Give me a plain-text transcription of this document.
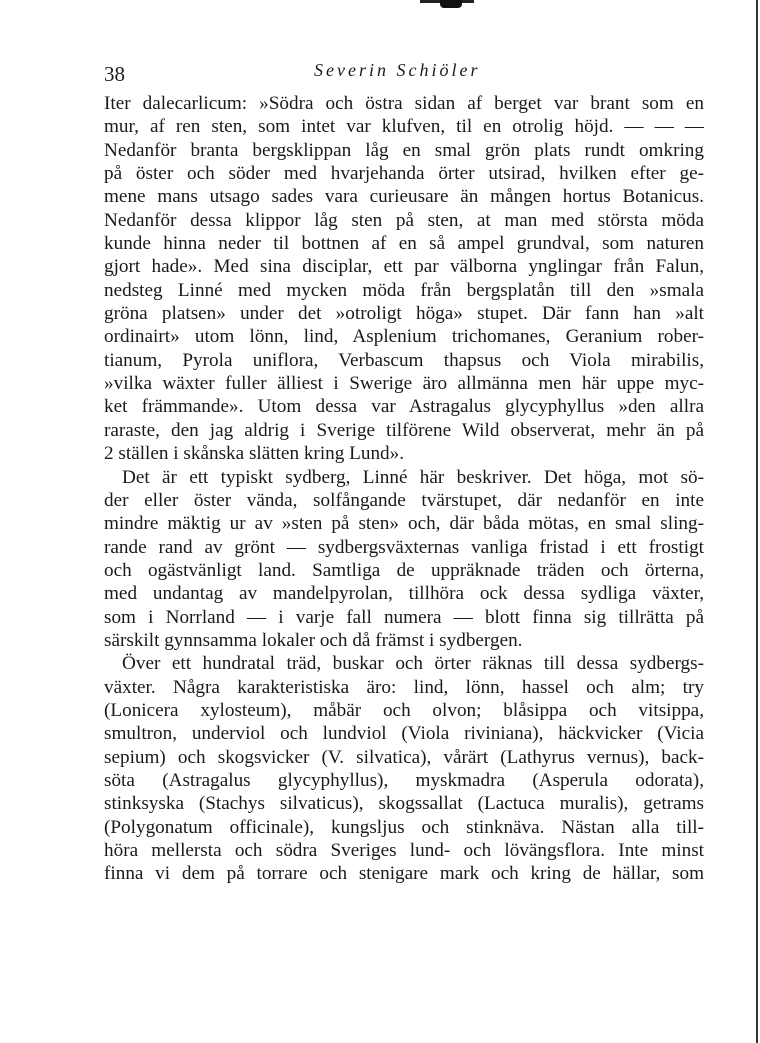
38	Severin Schiöler
Iter dalecarlicum: »Södra och östra sidan af berget var brant som en
mur, af ren sten, som intet var klufven, til en otrolig höjd. — — —
Nedanför branta bergsklippan låg en smal grön plats rundt omkring
på öster och söder med hvarjehanda örter utsirad, hvilken efter ge-
mene mans utsago sades vara curieusare än mången hortus Botanicus.
Nedanför dessa klippor låg sten på sten, at man med största möda
kunde hinna neder til bottnen af en så ampel grundval, som naturen
gjort hade». Med sina disciplar, ett par välborna ynglingar från Falun,
nedsteg Linné med mycken möda från bergsplatån till den »smala
gröna platsen» under det »otroligt höga» stupet. Där fann han »alt
ordinairt» utom lönn, lind, Asplenium trichomanes, Geranium rober-
tianum, Pyrola uniflora, Verbascum thapsus och Viola mirabilis,
»vilka wäxter fuller älliest i Swerige äro allmänna men här uppe myc-
ket främmande». Utom dessa var Astragalus glycyphyllus »den allra
raraste, den jag aldrig i Sverige tilförene Wild observerat, mehr än på
2 ställen i skånska slätten kring Lund».
Det är ett typiskt sydberg, Linné här beskriver. Det höga, mot sö-
der eller öster vända, solfångande tvärstupet, där nedanför en inte
mindre mäktig ur av »sten på sten» och, där båda mötas, en smal sling-
rande rand av grönt — sydbergsväxternas vanliga fristad i ett frostigt
och ogästvänligt land. Samtliga de uppräknade träden och örterna,
med undantag av mandelpyrolan, tillhöra ock dessa sydliga växter,
som i Norrland — i varje fall numera — blott finna sig tillrätta på
särskilt gynnsamma lokaler och då främst i sydbergen.
Över ett hundratal träd, buskar och örter räknas till dessa sydbergs-
växter. Några karakteristiska äro: lind, lönn, hassel och alm; try
(Lonicera xylosteum), måbär och olvon; blåsippa och vitsippa,
smultron, underviol och lundviol (Viola riviniana), häckvicker (Vicia
sepium) och skogsvicker (V. silvatica), vårärt (Lathyrus vernus), back-
söta (Astragalus glycyphyllus), myskmadra (Asperula odorata),
stinksyska (Stachys silvaticus), skogssallat (Lactuca muralis), getrams
(Polygonatum officinale), kungsljus och stinknäva. Nästan alla till-
höra mellersta och södra Sveriges lund- och lövängsflora. Inte minst
finna vi dem på torrare och stenigare mark och kring de hällar, som
